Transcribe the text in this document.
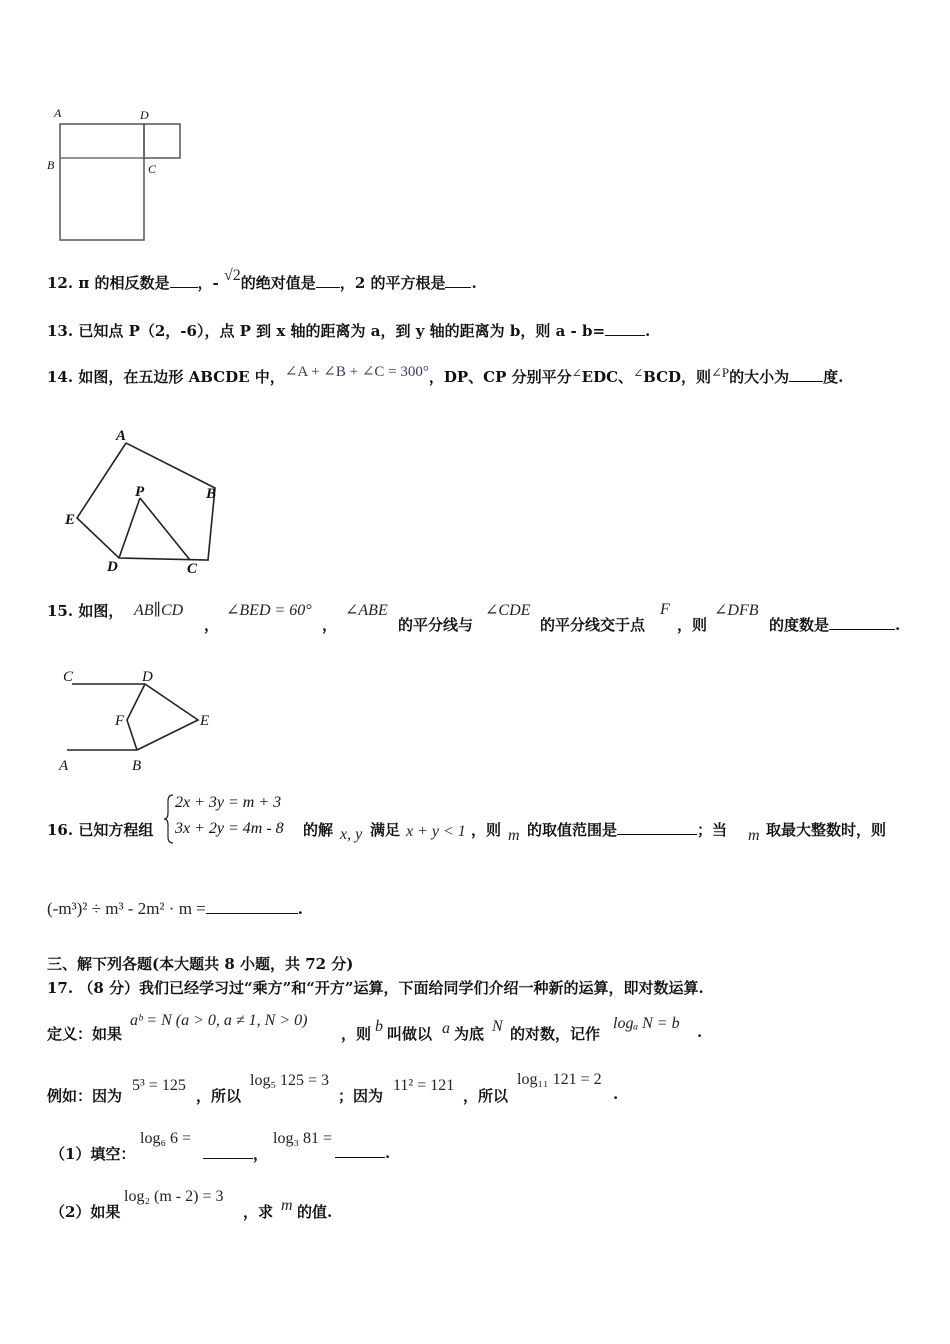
A	D
B	C
12. π 的相反数是 ，- √2的绝对值是 ，2 的平方根是 .
13. 已知点 P（2，-6），点 P 到 x 轴的距离为 a，到 y 轴的距离为 b，则 a - b=	.
14. 如图，在五边形 ABCDE 中，∠A + ∠B + ∠C = 300°，DP、CP 分别平分∠EDC、∠BCD，则∠P的大小为 度.
A
B
C
D
E
P
15. 如图， AB∥CD
，
∠BED = 60°
，
∠ABE
的平分线与
∠CDE
的平分线交于点
F
，则
∠DFB
的度数是	.
C	D
F	E
A	B
16. 已知方程组
2x + 3y = m + 3
3x + 2y = 4m - 8 的解 x, y 满足 x + y < 1 ，则 m 的取值范围是	；当 m 取最大整数时，则
(-m³)² ÷ m³ - 2m² · m =	.
三、解下列各题(本大题共 8 小题，共 72 分)
17. （8 分）我们已经学习过“乘方”和“开方”运算，下面给同学们介绍一种新的运算，即对数运算.
定义：如果
aᵇ = N (a > 0, a ≠ 1, N > 0)
，则 b 叫做以 a 为底 N 的对数，记作
logₐ N = b .
例如：因为
5³ = 125
，所以
log₅ 125 = 3
；因为
11² = 121
，所以
log₁₁ 121 = 2
.
（1）填空：
log₆ 6 =
，
log₃ 81 =
.
（2）如果
log₂ (m - 2) = 3
，求 m 的值.
